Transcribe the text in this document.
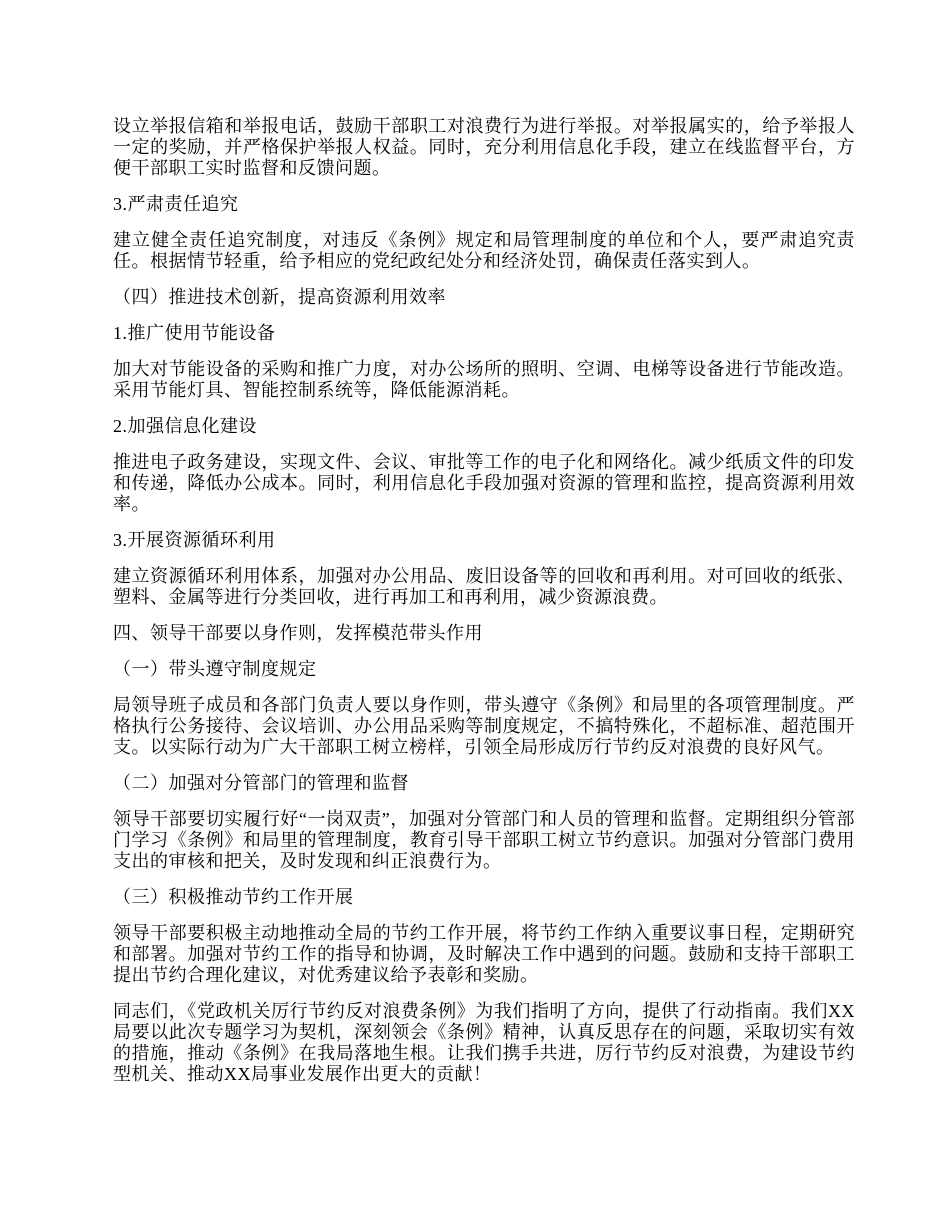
设立举报信箱和举报电话，鼓励干部职工对浪费行为进行举报。对举报属实的，给予举报人一定的奖励，并严格保护举报人权益。同时，充分利用信息化手段，建立在线监督平台，方便干部职工实时监督和反馈问题。

3.严肃责任追究

建立健全责任追究制度，对违反《条例》规定和局管理制度的单位和个人，要严肃追究责任。根据情节轻重，给予相应的党纪政纪处分和经济处罚，确保责任落实到人。

（四）推进技术创新，提高资源利用效率

1.推广使用节能设备

加大对节能设备的采购和推广力度，对办公场所的照明、空调、电梯等设备进行节能改造。采用节能灯具、智能控制系统等，降低能源消耗。

2.加强信息化建设

推进电子政务建设，实现文件、会议、审批等工作的电子化和网络化。减少纸质文件的印发和传递，降低办公成本。同时，利用信息化手段加强对资源的管理和监控，提高资源利用效率。

3.开展资源循环利用

建立资源循环利用体系，加强对办公用品、废旧设备等的回收和再利用。对可回收的纸张、塑料、金属等进行分类回收，进行再加工和再利用，减少资源浪费。

四、领导干部要以身作则，发挥模范带头作用

（一）带头遵守制度规定

局领导班子成员和各部门负责人要以身作则，带头遵守《条例》和局里的各项管理制度。严格执行公务接待、会议培训、办公用品采购等制度规定，不搞特殊化，不超标准、超范围开支。以实际行动为广大干部职工树立榜样，引领全局形成厉行节约反对浪费的良好风气。

（二）加强对分管部门的管理和监督

领导干部要切实履行好“一岗双责”，加强对分管部门和人员的管理和监督。定期组织分管部门学习《条例》和局里的管理制度，教育引导干部职工树立节约意识。加强对分管部门费用支出的审核和把关，及时发现和纠正浪费行为。

（三）积极推动节约工作开展

领导干部要积极主动地推动全局的节约工作开展，将节约工作纳入重要议事日程，定期研究和部署。加强对节约工作的指导和协调，及时解决工作中遇到的问题。鼓励和支持干部职工提出节约合理化建议，对优秀建议给予表彰和奖励。

同志们，《党政机关厉行节约反对浪费条例》为我们指明了方向，提供了行动指南。我们XX局要以此次专题学习为契机，深刻领会《条例》精神，认真反思存在的问题，采取切实有效的措施，推动《条例》在我局落地生根。让我们携手共进，厉行节约反对浪费，为建设节约型机关、推动XX局事业发展作出更大的贡献！
